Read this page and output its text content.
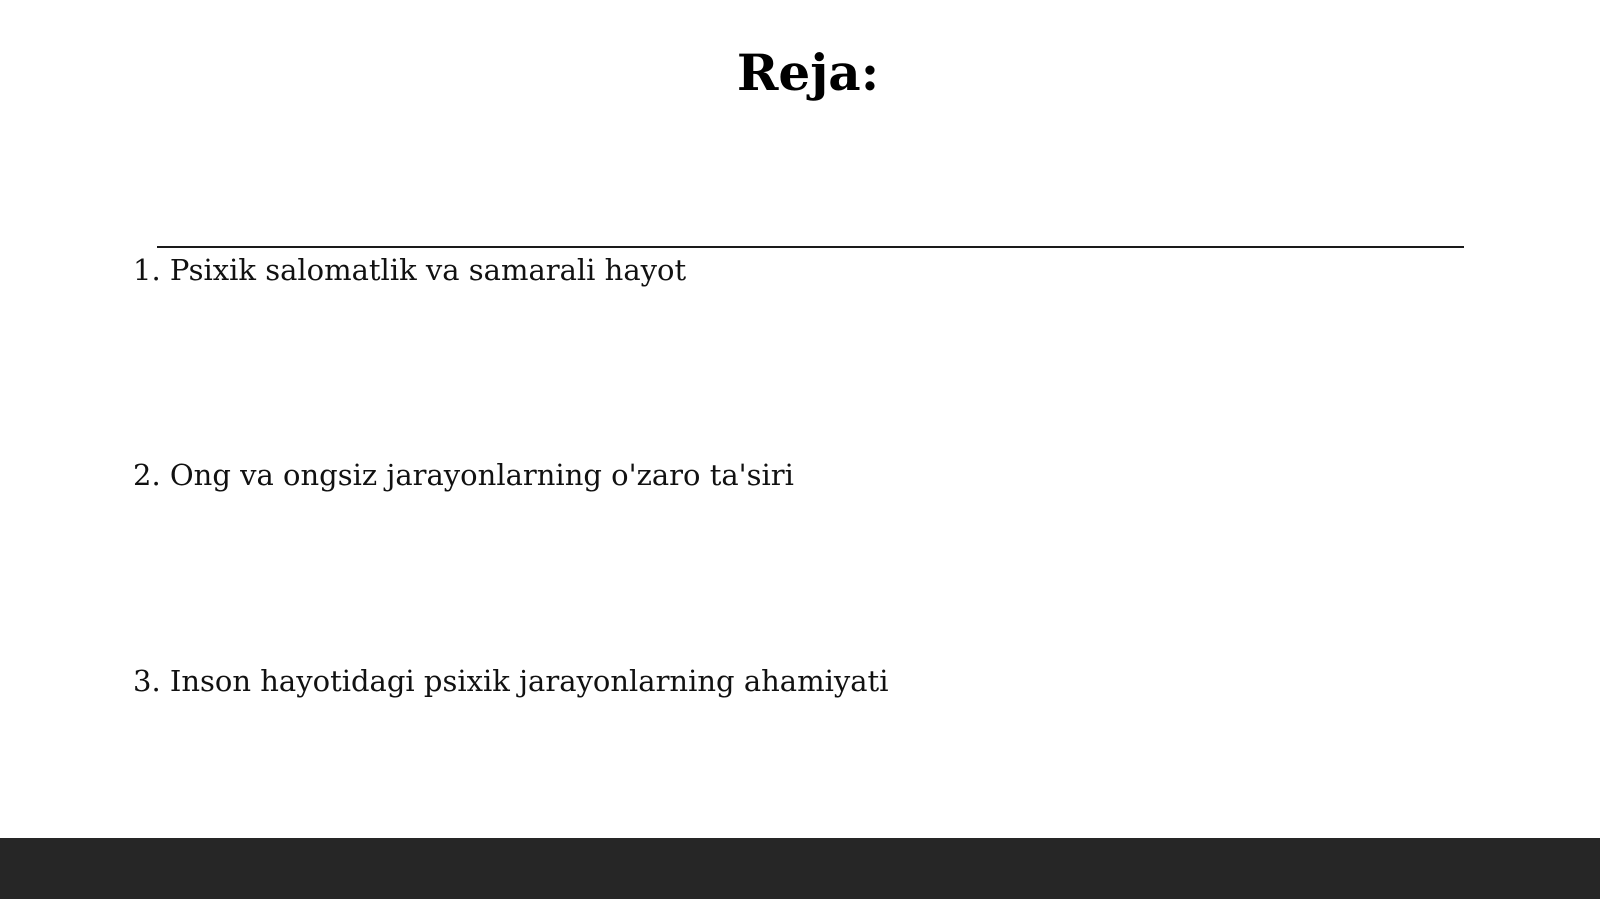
Reja:
1. Psixik salomatlik va samarali hayot
2. Ong va ongsiz jarayonlarning o'zaro ta'siri
3. Inson hayotidagi psixik jarayonlarning ahamiyati
